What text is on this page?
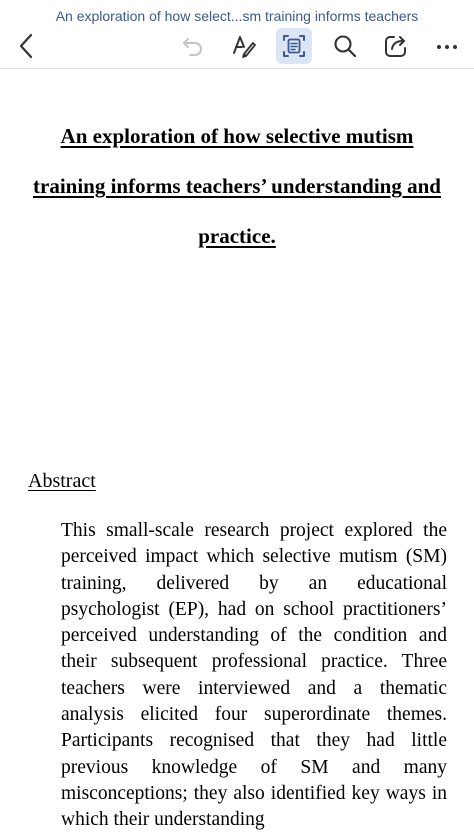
An exploration of how select...sm training informs teachers
An exploration of how selective mutism
training informs teachers’ understanding and
practice.
Abstract
This small-scale research project explored the perceived impact which selective mutism (SM) training, delivered by an educational psychologist (EP), had on school practitioners’ perceived understanding of the condition and their subsequent professional practice. Three teachers were interviewed and a thematic analysis elicited four superordinate themes. Participants recognised that they had little previous knowledge of SM and many misconceptions; they also identified key ways in which their understanding
